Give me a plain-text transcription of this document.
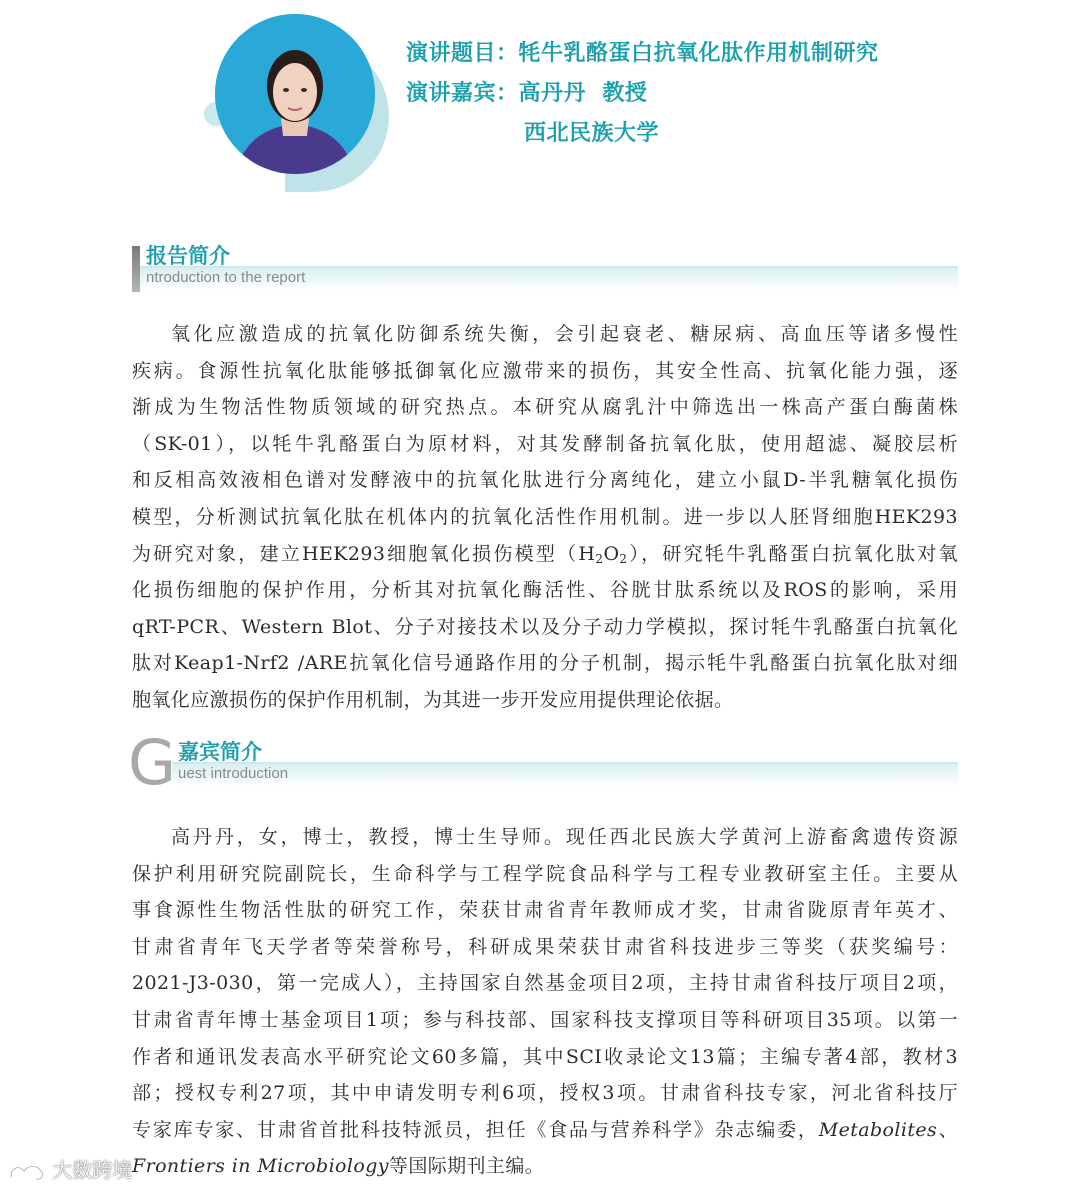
演讲题目：牦牛乳酪蛋白抗氧化肽作用机制研究
演讲嘉宾：高丹丹 教授
西北民族大学
报告简介
ntroduction to the report
氧化应激造成的抗氧化防御系统失衡，会引起衰老、糖尿病、高血压等诸多慢性
疾病。食源性抗氧化肽能够抵御氧化应激带来的损伤，其安全性高、抗氧化能力强，逐
渐成为生物活性物质领域的研究热点。本研究从腐乳汁中筛选出一株高产蛋白酶菌株
（SK-01），以牦牛乳酪蛋白为原材料，对其发酵制备抗氧化肽，使用超滤、凝胶层析
和反相高效液相色谱对发酵液中的抗氧化肽进行分离纯化，建立小鼠D-半乳糖氧化损伤
模型，分析测试抗氧化肽在机体内的抗氧化活性作用机制。进一步以人胚肾细胞HEK293
为研究对象，建立HEK293细胞氧化损伤模型$(H_2O_2)$，研究牦牛乳酪蛋白抗氧化肽对氧
化损伤细胞的保护作用，分析其对抗氧化酶活性、谷胱甘肽系统以及ROS的影响，采用
qRT-PCR、Western Blot、分子对接技术以及分子动力学模拟，探讨牦牛乳酪蛋白抗氧化
肽对Keap1-Nrf2 /ARE抗氧化信号通路作用的分子机制，揭示牦牛乳酪蛋白抗氧化肽对细
胞氧化应激损伤的保护作用机制，为其进一步开发应用提供理论依据。
G 嘉宾简介
uest introduction
高丹丹，女，博士，教授，博士生导师。现任西北民族大学黄河上游畜禽遗传资源
保护利用研究院副院长，生命科学与工程学院食品科学与工程专业教研室主任。主要从
事食源性生物活性肽的研究工作，荣获甘肃省青年教师成才奖，甘肃省陇原青年英才、
甘肃省青年飞天学者等荣誉称号，科研成果荣获甘肃省科技进步三等奖（获奖编号：
2021-J3-030，第一完成人），主持国家自然基金项目2项，主持甘肃省科技厅项目2项，
甘肃省青年博士基金项目1项；参与科技部、国家科技支撑项目等科研项目35项。以第一
作者和通讯发表高水平研究论文60多篇，其中SCI收录论文13篇；主编专著4部，教材3
部；授权专利27项，其中申请发明专利6项，授权3项。甘肃省科技专家，河北省科技厅
专家库专家、甘肃省首批科技特派员，担任《食品与营养科学》杂志编委，Metabolites、
Frontiers in Microbiology等国际期刊主编。
大数跨境
